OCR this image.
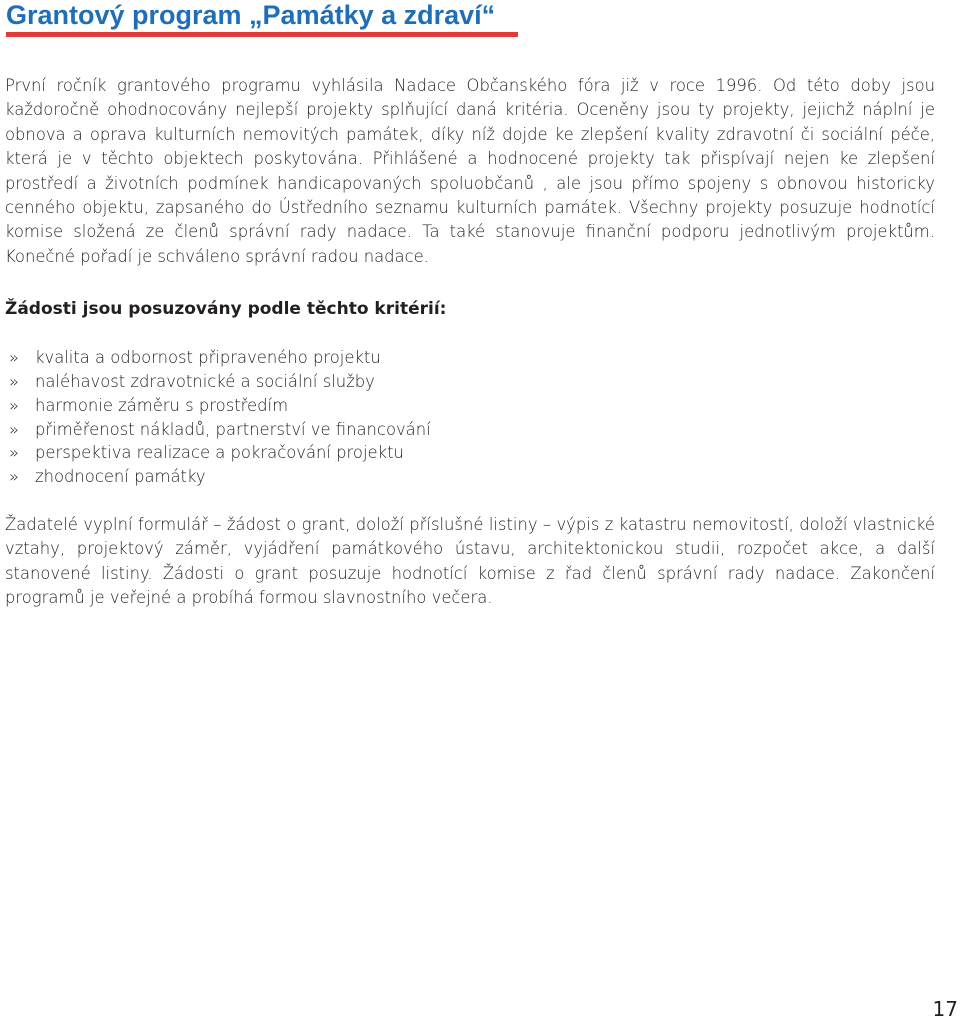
Grantový program „Památky a zdraví“

První ročník grantového programu vyhlásila Nadace Občanského fóra již v roce 1996. Od této doby jsou každoročně ohodnocovány nejlepší projekty splňující daná kritéria. Oceněny jsou ty projekty, jejichž náplní je obnova a oprava kulturních nemovitých památek, díky níž dojde ke zlepšení kvality zdravotní či sociální péče, která je v těchto objektech poskytována. Přihlášené a hodnocené projekty tak přispívají nejen ke zlepšení prostředí a životních podmínek handicapovaných spoluobčanů , ale jsou přímo spojeny s obnovou historicky cenného objektu, zapsaného do Ústředního seznamu kulturních památek. Všechny projekty posuzuje hodnotící komise složená ze členů správní rady nadace. Ta také stanovuje finanční podporu jednotlivým projektům. Konečné pořadí je schváleno správní radou nadace.

Žádosti jsou posuzovány podle těchto kritérií:
» kvalita a odbornost připraveného projektu
» naléhavost zdravotnické a sociální služby
» harmonie záměru s prostředím
» přiměřenost nákladů, partnerství ve financování
» perspektiva realizace a pokračování projektu
» zhodnocení památky

Žadatelé vyplní formulář – žádost o grant, doloží příslušné listiny – výpis z katastru nemovitostí, doloží vlastnické vztahy, projektový záměr, vyjádření památkového ústavu, architektonickou studii, rozpočet akce, a další stanovené listiny. Žádosti o grant posuzuje hodnotící komise z řad členů správní rady nadace. Zakončení programů je veřejné a probíhá formou slavnostního večera.

17
